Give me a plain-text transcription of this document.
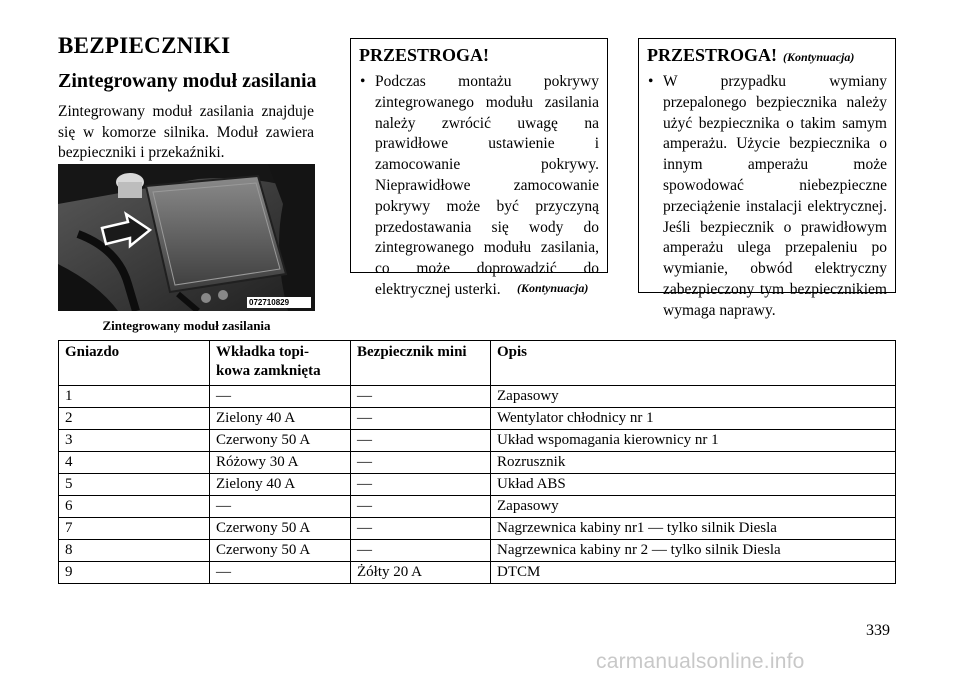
BEZPIECZNIKI
Zintegrowany moduł zasilania

Zintegrowany moduł zasilania znajduje się w komorze silnika. Moduł zawiera bezpieczniki i przekaźniki.

072710829
Zintegrowany moduł zasilania
PRZESTROGA!
• Podczas montażu pokrywy zintegrowanego modułu zasilania należy zwrócić uwagę na prawidłowe ustawienie i zamocowanie pokrywy. Nieprawidłowe zamocowanie pokrywy może być przyczyną przedostawania się wody do zintegrowanego modułu zasilania, co może doprowadzić do elektrycznej usterki.	(Kontynuacja)
PRZESTROGA! (Kontynuacja)
• W przypadku wymiany przepalonego bezpiecznika należy użyć bezpiecznika o takim samym amperażu. Użycie bezpiecznika o innym amperażu może spowodować niebezpieczne przeciążenie instalacji elektrycznej. Jeśli bezpiecznik o prawidłowym amperażu ulega przepaleniu po wymianie, obwód elektryczny zabezpieczony tym bezpiecznikiem wymaga naprawy.
Gniazdo	Wkładka topi-
kowa zamknięta	Bezpiecznik mini	Opis
1	—	—	Zapasowy
2	Zielony 40 A	—	Wentylator chłodnicy nr 1
3	Czerwony 50 A	—	Układ wspomagania kierownicy nr 1
4	Różowy 30 A	—	Rozrusznik
5	Zielony 40 A	—	Układ ABS
6	—	—	Zapasowy
7	Czerwony 50 A	—	Nagrzewnica kabiny nr1 — tylko silnik Diesla
8	Czerwony 50 A	—	Nagrzewnica kabiny nr 2 — tylko silnik Diesla
9	—	Żółty 20 A	DTCM
339
carmanualsonline.info
